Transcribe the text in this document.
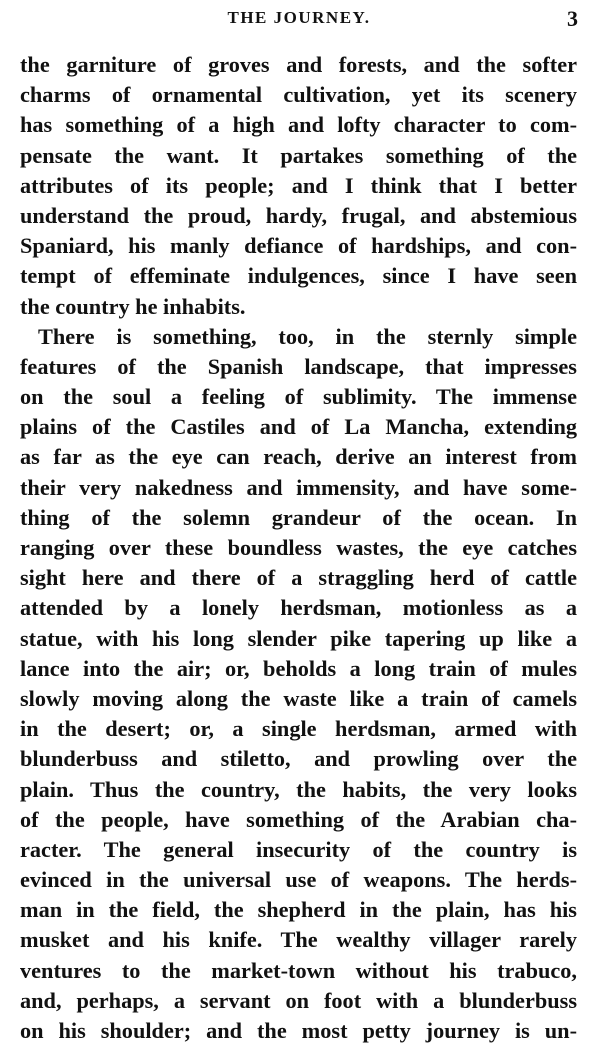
THE JOURNEY.	3
the garniture of groves and forests, and the softer
charms of ornamental cultivation, yet its scenery
has something of a high and lofty character to com-
pensate the want. It partakes something of the
attributes of its people; and I think that I better
understand the proud, hardy, frugal, and abstemious
Spaniard, his manly defiance of hardships, and con-
tempt of effeminate indulgences, since I have seen
the country he inhabits.
There is something, too, in the sternly simple
features of the Spanish landscape, that impresses
on the soul a feeling of sublimity. The immense
plains of the Castiles and of La Mancha, extending
as far as the eye can reach, derive an interest from
their very nakedness and immensity, and have some-
thing of the solemn grandeur of the ocean. In
ranging over these boundless wastes, the eye catches
sight here and there of a straggling herd of cattle
attended by a lonely herdsman, motionless as a
statue, with his long slender pike tapering up like a
lance into the air; or, beholds a long train of mules
slowly moving along the waste like a train of camels
in the desert; or, a single herdsman, armed with
blunderbuss and stiletto, and prowling over the
plain. Thus the country, the habits, the very looks
of the people, have something of the Arabian cha-
racter. The general insecurity of the country is
evinced in the universal use of weapons. The herds-
man in the field, the shepherd in the plain, has his
musket and his knife. The wealthy villager rarely
ventures to the market-town without his trabuco,
and, perhaps, a servant on foot with a blunderbuss
on his shoulder; and the most petty journey is un-
